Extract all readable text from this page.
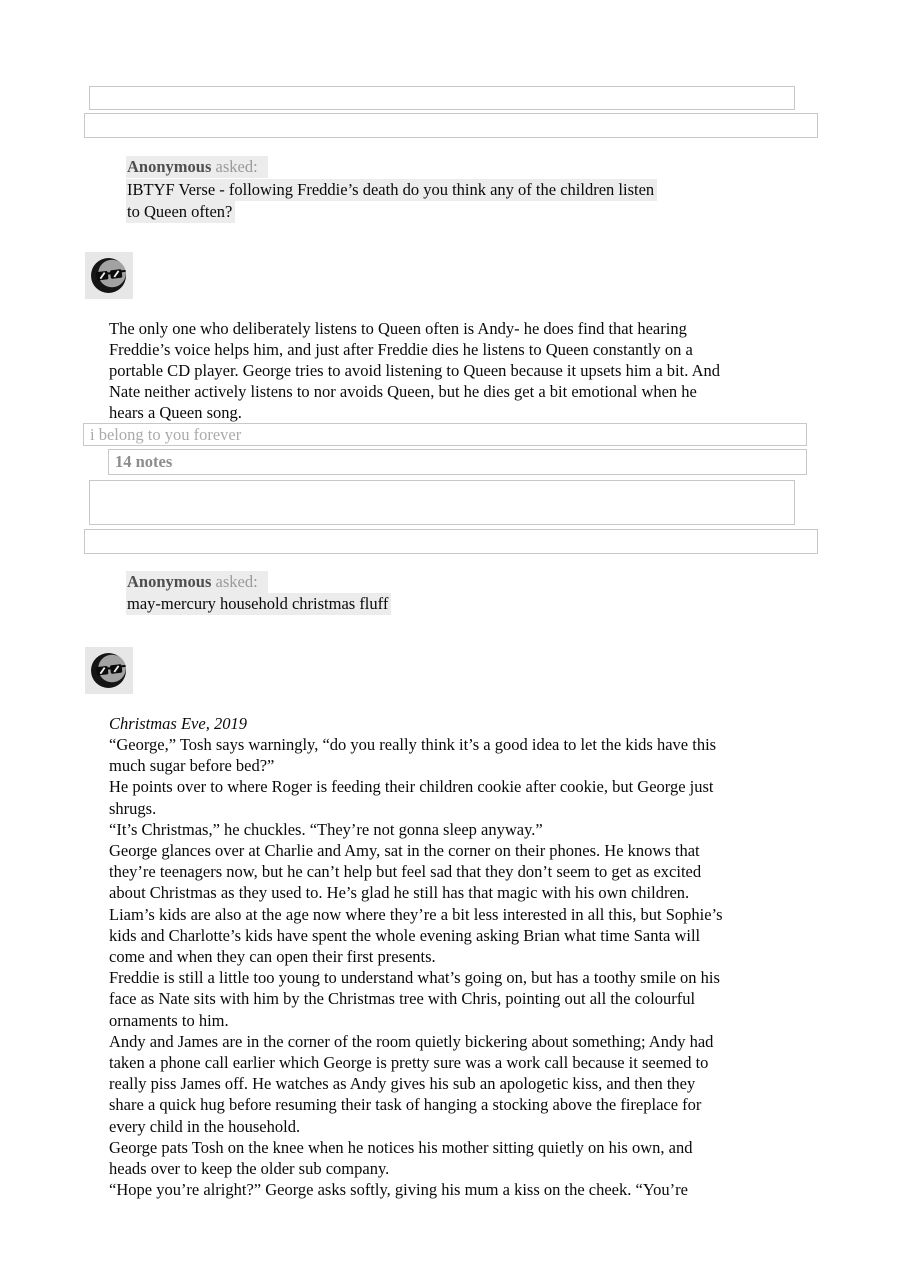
Anonymous asked:
IBTYF Verse - following Freddie’s death do you think any of the children listen
to Queen often?
The only one who deliberately listens to Queen often is Andy- he does find that hearing
Freddie’s voice helps him, and just after Freddie dies he listens to Queen constantly on a
portable CD player. George tries to avoid listening to Queen because it upsets him a bit. And
Nate neither actively listens to nor avoids Queen, but he dies get a bit emotional when he
hears a Queen song.
i belong to you forever
14 notes
Anonymous asked:
may-mercury household christmas fluff
Christmas Eve, 2019
“George,” Tosh says warningly, “do you really think it’s a good idea to let the kids have this
much sugar before bed?”
He points over to where Roger is feeding their children cookie after cookie, but George just
shrugs.
“It’s Christmas,” he chuckles. “They’re not gonna sleep anyway.”
George glances over at Charlie and Amy, sat in the corner on their phones. He knows that
they’re teenagers now, but he can’t help but feel sad that they don’t seem to get as excited
about Christmas as they used to. He’s glad he still has that magic with his own children.
Liam’s kids are also at the age now where they’re a bit less interested in all this, but Sophie’s
kids and Charlotte’s kids have spent the whole evening asking Brian what time Santa will
come and when they can open their first presents.
Freddie is still a little too young to understand what’s going on, but has a toothy smile on his
face as Nate sits with him by the Christmas tree with Chris, pointing out all the colourful
ornaments to him.
Andy and James are in the corner of the room quietly bickering about something; Andy had
taken a phone call earlier which George is pretty sure was a work call because it seemed to
really piss James off. He watches as Andy gives his sub an apologetic kiss, and then they
share a quick hug before resuming their task of hanging a stocking above the fireplace for
every child in the household.
George pats Tosh on the knee when he notices his mother sitting quietly on his own, and
heads over to keep the older sub company.
“Hope you’re alright?” George asks softly, giving his mum a kiss on the cheek. “You’re
